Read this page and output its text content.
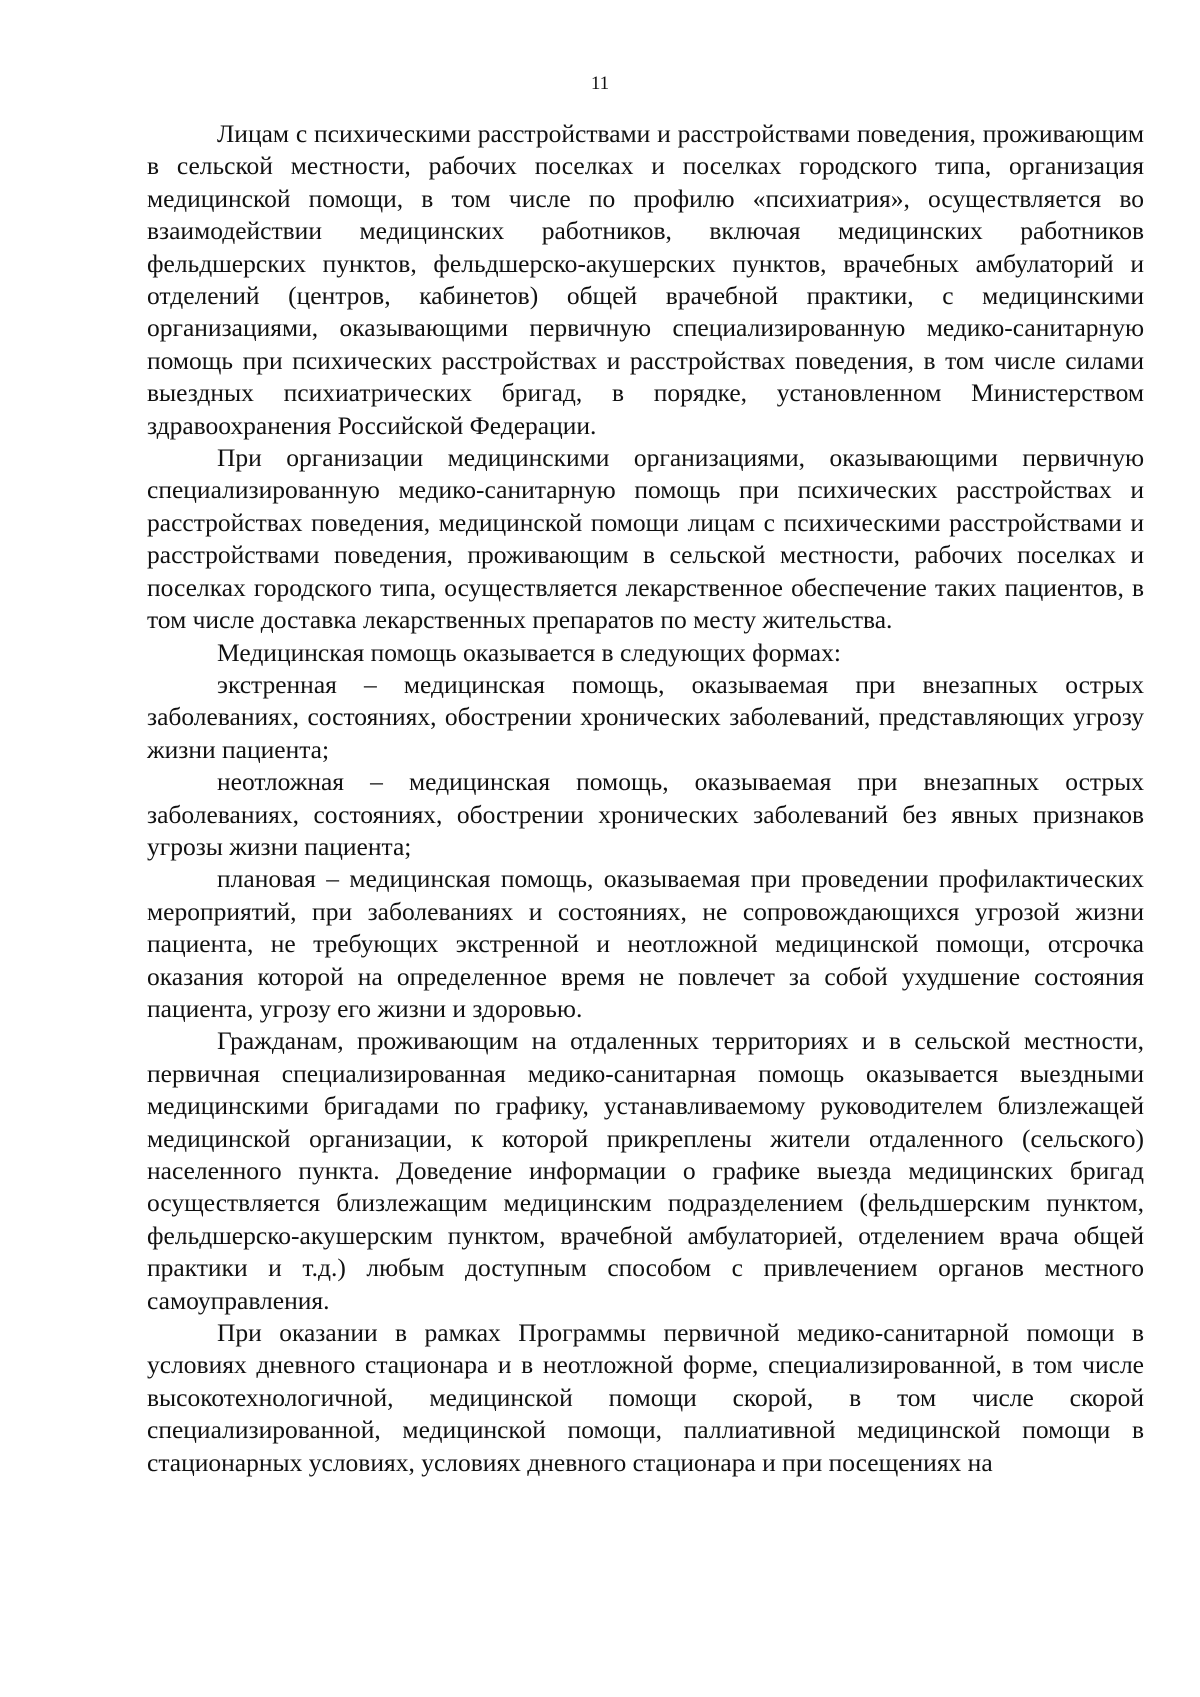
11

Лицам с психическими расстройствами и расстройствами поведения, проживающим в сельской местности, рабочих поселках и поселках городского типа, организация медицинской помощи, в том числе по профилю «психиатрия», осуществляется во взаимодействии медицинских работников, включая медицинских работников фельдшерских пунктов, фельдшерско-акушерских пунктов, врачебных амбулаторий и отделений (центров, кабинетов) общей врачебной практики, с медицинскими организациями, оказывающими первичную специализированную медико-санитарную помощь при психических расстройствах и расстройствах поведения, в том числе силами выездных психиатрических бригад, в порядке, установленном Министерством здравоохранения Российской Федерации.

При организации медицинскими организациями, оказывающими первичную специализированную медико-санитарную помощь при психических расстройствах и расстройствах поведения, медицинской помощи лицам с психическими расстройствами и расстройствами поведения, проживающим в сельской местности, рабочих поселках и поселках городского типа, осуществляется лекарственное обеспечение таких пациентов, в том числе доставка лекарственных препаратов по месту жительства.

Медицинская помощь оказывается в следующих формах:

экстренная – медицинская помощь, оказываемая при внезапных острых заболеваниях, состояниях, обострении хронических заболеваний, представляющих угрозу жизни пациента;

неотложная – медицинская помощь, оказываемая при внезапных острых заболеваниях, состояниях, обострении хронических заболеваний без явных признаков угрозы жизни пациента;

плановая – медицинская помощь, оказываемая при проведении профилактических мероприятий, при заболеваниях и состояниях, не сопровождающихся угрозой жизни пациента, не требующих экстренной и неотложной медицинской помощи, отсрочка оказания которой на определенное время не повлечет за собой ухудшение состояния пациента, угрозу его жизни и здоровью.

Гражданам, проживающим на отдаленных территориях и в сельской местности, первичная специализированная медико-санитарная помощь оказывается выездными медицинскими бригадами по графику, устанавливаемому руководителем близлежащей медицинской организации, к которой прикреплены жители отдаленного (сельского) населенного пункта. Доведение информации о графике выезда медицинских бригад осуществляется близлежащим медицинским подразделением (фельдшерским пунктом, фельдшерско-акушерским пунктом, врачебной амбулаторией, отделением врача общей практики и т.д.) любым доступным способом с привлечением органов местного самоуправления.

При оказании в рамках Программы первичной медико-санитарной помощи в условиях дневного стационара и в неотложной форме, специализированной, в том числе высокотехнологичной, медицинской помощи скорой, в том числе скорой специализированной, медицинской помощи, паллиативной медицинской помощи в стационарных условиях, условиях дневного стационара и при посещениях на
